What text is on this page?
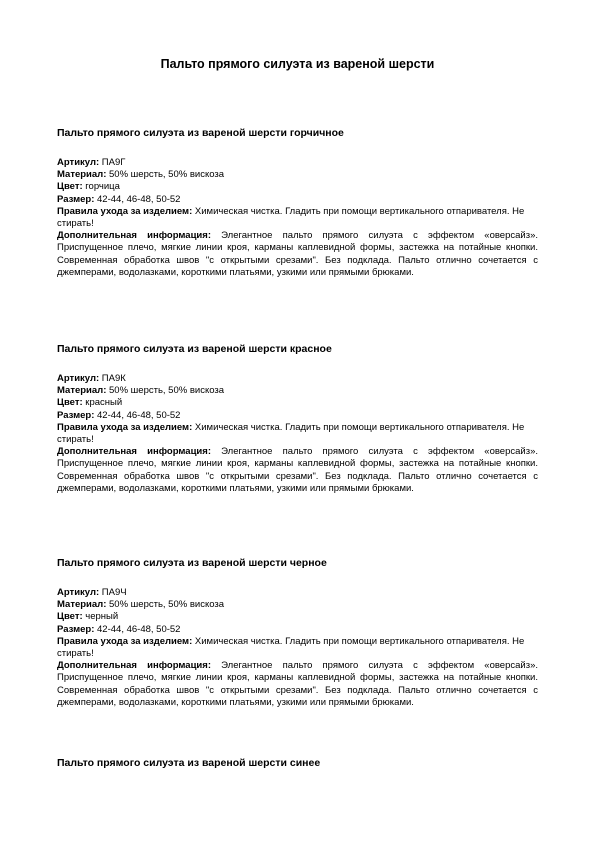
Пальто прямого силуэта из вареной шерсти

Пальто прямого силуэта из вареной шерсти горчичное

Артикул: ПА9Г

Материал: 50% шерсть, 50% вискоза

Цвет: горчица

Размер: 42-44, 46-48, 50-52

Правила ухода за изделием: Химическая чистка. Гладить при помощи вертикального отпаривателя. Не стирать!

Дополнительная информация: Элегантное пальто прямого силуэта с эффектом «оверсайз». Приспущенное плечо, мягкие линии кроя, карманы каплевидной формы, застежка на потайные кнопки. Современная обработка швов "с открытыми срезами". Без подклада. Пальто отлично сочетается с джемперами, водолазками, короткими платьями, узкими или прямыми брюками.

Пальто прямого силуэта из вареной шерсти красное

Артикул: ПА9К

Материал: 50% шерсть, 50% вискоза

Цвет: красный

Размер: 42-44, 46-48, 50-52

Правила ухода за изделием: Химическая чистка. Гладить при помощи вертикального отпаривателя. Не стирать!

Дополнительная информация: Элегантное пальто прямого силуэта с эффектом «оверсайз». Приспущенное плечо, мягкие линии кроя, карманы каплевидной формы, застежка на потайные кнопки. Современная обработка швов "с открытыми срезами". Без подклада. Пальто отлично сочетается с джемперами, водолазками, короткими платьями, узкими или прямыми брюками.

Пальто прямого силуэта из вареной шерсти черное

Артикул: ПА9Ч

Материал: 50% шерсть, 50% вискоза

Цвет: черный

Размер: 42-44, 46-48, 50-52

Правила ухода за изделием: Химическая чистка. Гладить при помощи вертикального отпаривателя. Не стирать!

Дополнительная информация: Элегантное пальто прямого силуэта с эффектом «оверсайз». Приспущенное плечо, мягкие линии кроя, карманы каплевидной формы, застежка на потайные кнопки. Современная обработка швов "с открытыми срезами". Без подклада. Пальто отлично сочетается с джемперами, водолазками, короткими платьями, узкими или прямыми брюками.

Пальто прямого силуэта из вареной шерсти синее
